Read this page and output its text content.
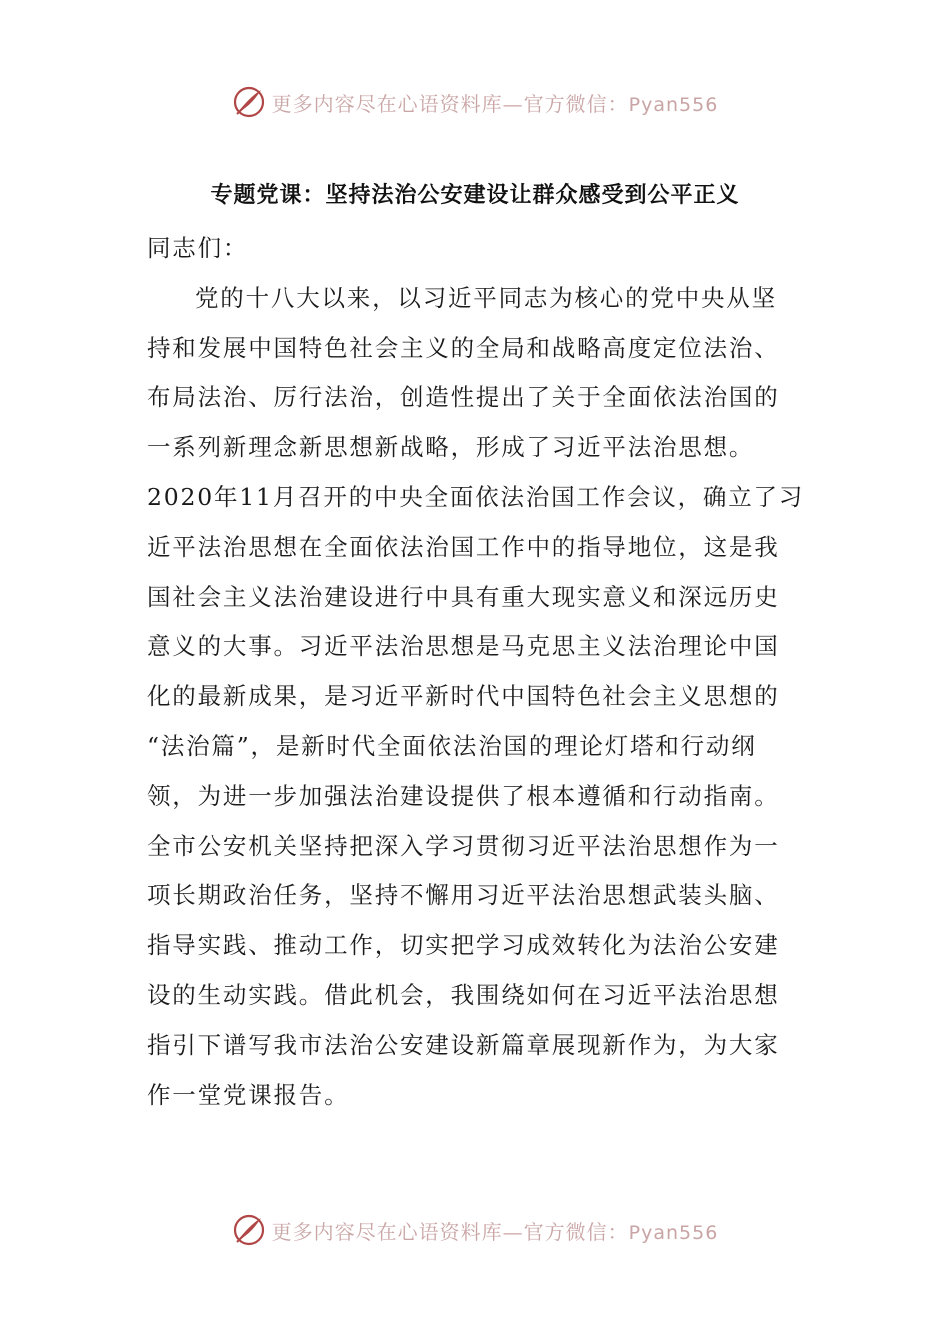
更多内容尽在心语资料库—官方微信：Pyan556
专题党课：坚持法治公安建设让群众感受到公平正义
同志们：
党的十八大以来，以习近平同志为核心的党中央从坚
持和发展中国特色社会主义的全局和战略高度定位法治、
布局法治、厉行法治，创造性提出了关于全面依法治国的
一系列新理念新思想新战略，形成了习近平法治思想。
2020年11月召开的中央全面依法治国工作会议，确立了习
近平法治思想在全面依法治国工作中的指导地位，这是我
国社会主义法治建设进行中具有重大现实意义和深远历史
意义的大事。习近平法治思想是马克思主义法治理论中国
化的最新成果，是习近平新时代中国特色社会主义思想的
“法治篇”，是新时代全面依法治国的理论灯塔和行动纲
领，为进一步加强法治建设提供了根本遵循和行动指南。
全市公安机关坚持把深入学习贯彻习近平法治思想作为一
项长期政治任务，坚持不懈用习近平法治思想武装头脑、
指导实践、推动工作，切实把学习成效转化为法治公安建
设的生动实践。借此机会，我围绕如何在习近平法治思想
指引下谱写我市法治公安建设新篇章展现新作为，为大家
作一堂党课报告。
更多内容尽在心语资料库—官方微信：Pyan556
